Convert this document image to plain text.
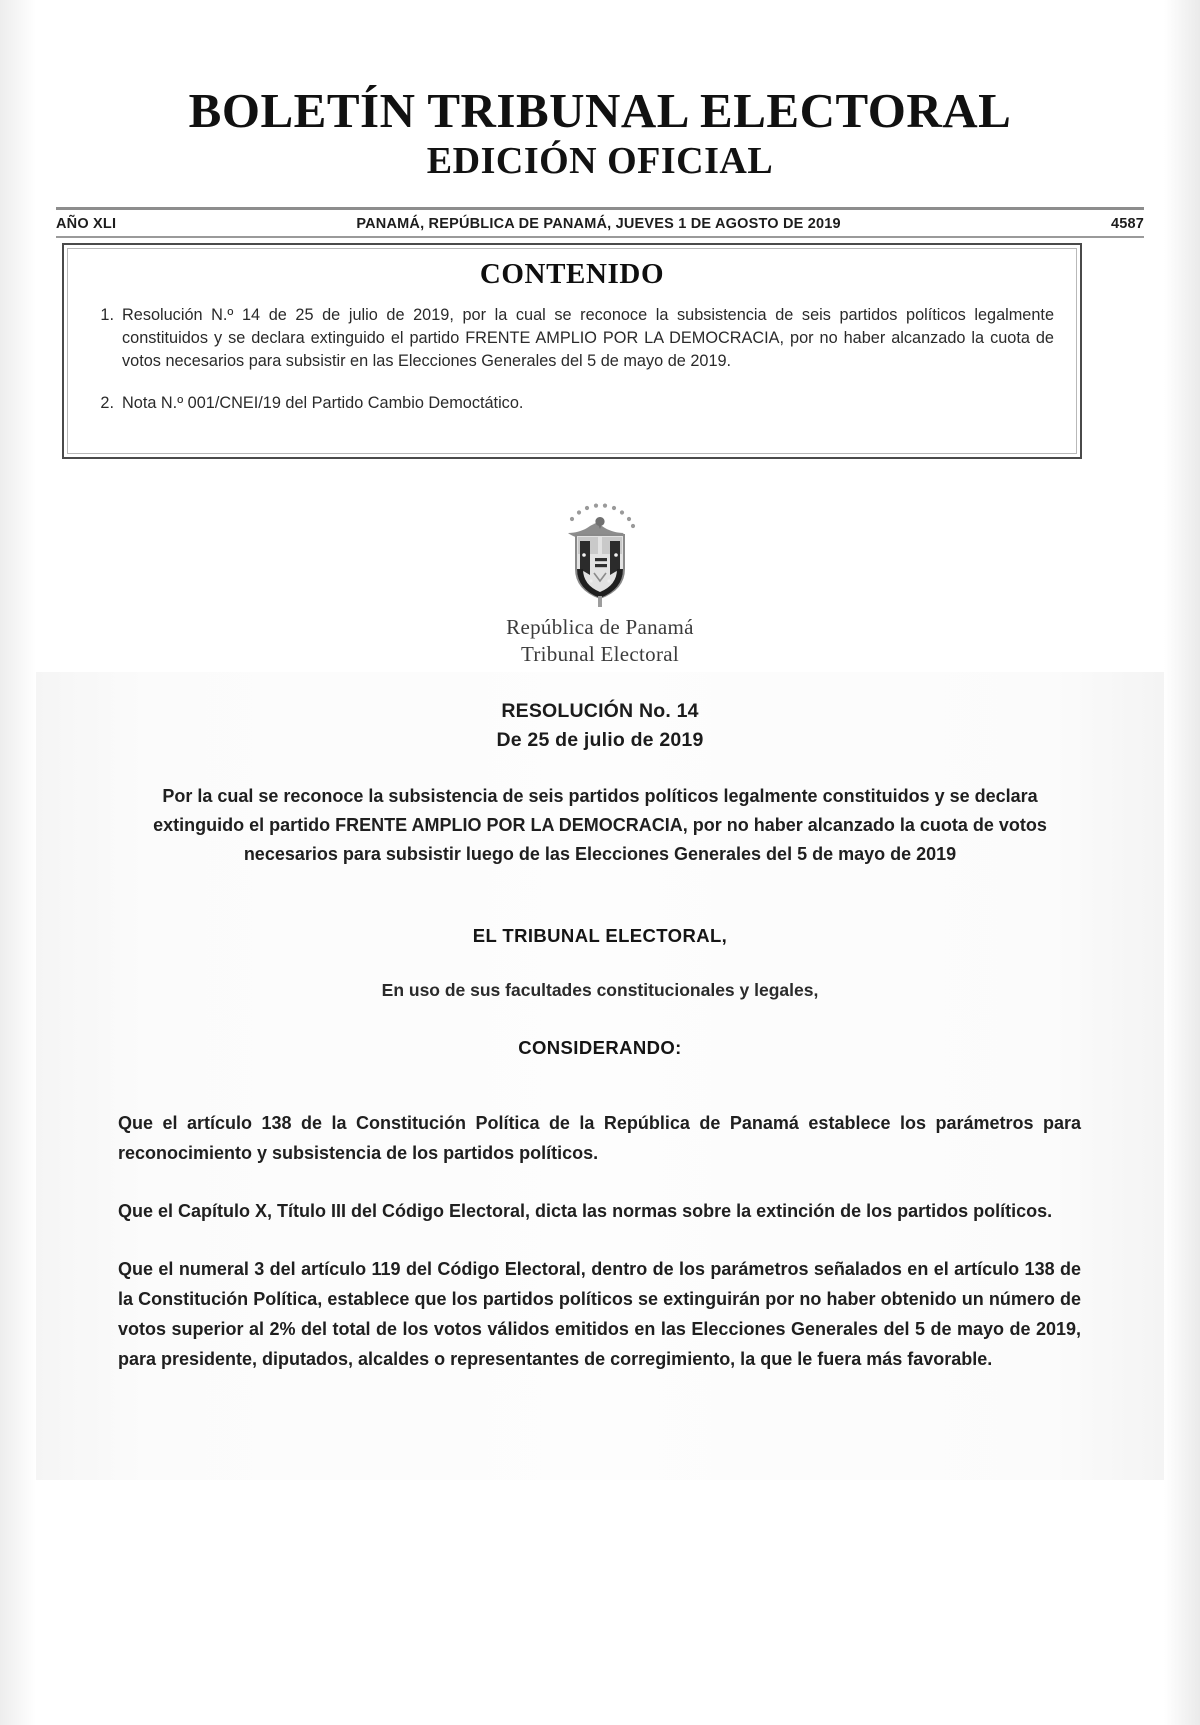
BOLETÍN TRIBUNAL ELECTORAL
EDICIÓN OFICIAL
AÑO XLI	PANAMÁ, REPÚBLICA DE PANAMÁ, JUEVES 1 DE AGOSTO DE 2019	4587
CONTENIDO
1. Resolución N.º 14 de 25 de julio de 2019, por la cual se reconoce la subsistencia de seis partidos políticos legalmente constituidos y se declara extinguido el partido FRENTE AMPLIO POR LA DEMOCRACIA, por no haber alcanzado la cuota de votos necesarios para subsistir en las Elecciones Generales del 5 de mayo de 2019.
2. Nota N.º 001/CNEI/19 del Partido Cambio Democtático.
República de Panamá
Tribunal Electoral
RESOLUCIÓN No. 14
De 25 de julio de 2019
Por la cual se reconoce la subsistencia de seis partidos políticos legalmente constituidos y se declara extinguido el partido FRENTE AMPLIO POR LA DEMOCRACIA, por no haber alcanzado la cuota de votos necesarios para subsistir luego de las Elecciones Generales del 5 de mayo de 2019
EL TRIBUNAL ELECTORAL,
En uso de sus facultades constitucionales y legales,
CONSIDERANDO:

Que el artículo 138 de la Constitución Política de la República de Panamá establece los parámetros para reconocimiento y subsistencia de los partidos políticos.

Que el Capítulo X, Título III del Código Electoral, dicta las normas sobre la extinción de los partidos políticos.

Que el numeral 3 del artículo 119 del Código Electoral, dentro de los parámetros señalados en el artículo 138 de la Constitución Política, establece que los partidos políticos se extinguirán por no haber obtenido un número de votos superior al 2% del total de los votos válidos emitidos en las Elecciones Generales del 5 de mayo de 2019, para presidente, diputados, alcaldes o representantes de corregimiento, la que le fuera más favorable.
